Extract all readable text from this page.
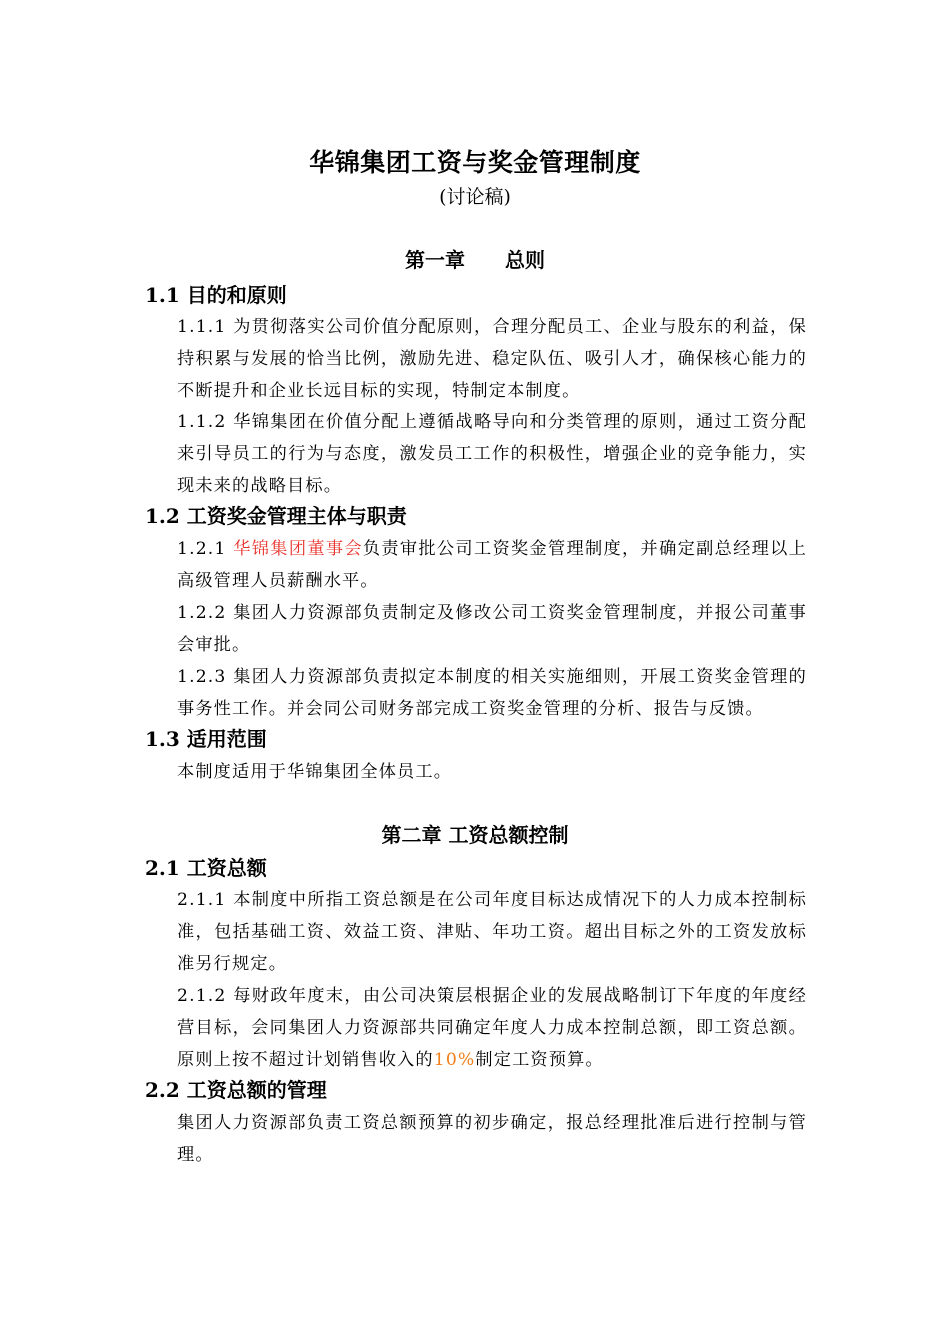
华锦集团工资与奖金管理制度
(讨论稿)
第一章　　总则
1.1 目的和原则

1.1.1 为贯彻落实公司价值分配原则，合理分配员工、企业与股东的利益，保持积累与发展的恰当比例，激励先进、稳定队伍、吸引人才，确保核心能力的不断提升和企业长远目标的实现，特制定本制度。

1.1.2 华锦集团在价值分配上遵循战略导向和分类管理的原则，通过工资分配来引导员工的行为与态度，激发员工工作的积极性，增强企业的竞争能力，实现未来的战略目标。

1.2 工资奖金管理主体与职责

1.2.1 华锦集团董事会负责审批公司工资奖金管理制度，并确定副总经理以上高级管理人员薪酬水平。

1.2.2 集团人力资源部负责制定及修改公司工资奖金管理制度，并报公司董事会审批。

1.2.3 集团人力资源部负责拟定本制度的相关实施细则，开展工资奖金管理的事务性工作。并会同公司财务部完成工资奖金管理的分析、报告与反馈。

1.3 适用范围

本制度适用于华锦集团全体员工。

第二章 工资总额控制
2.1 工资总额

2.1.1 本制度中所指工资总额是在公司年度目标达成情况下的人力成本控制标准，包括基础工资、效益工资、津贴、年功工资。超出目标之外的工资发放标准另行规定。

2.1.2 每财政年度末，由公司决策层根据企业的发展战略制订下年度的年度经营目标，会同集团人力资源部共同确定年度人力成本控制总额，即工资总额。原则上按不超过计划销售收入的10%制定工资预算。

2.2 工资总额的管理

集团人力资源部负责工资总额预算的初步确定，报总经理批准后进行控制与管理。
